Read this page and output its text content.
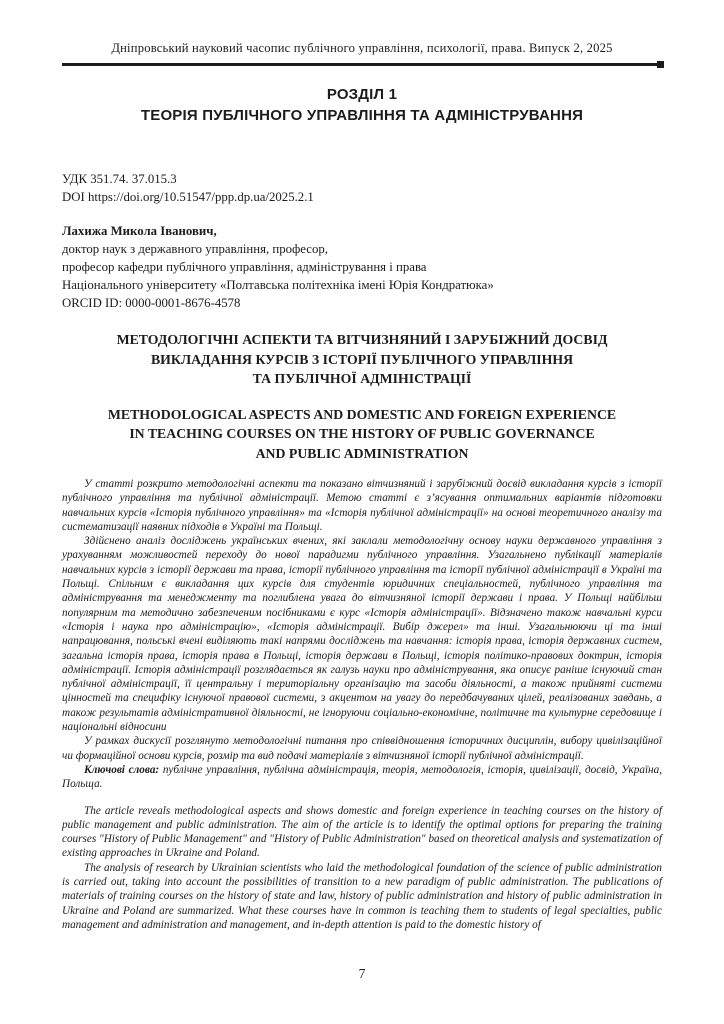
Дніпровський науковий часопис публічного управління, психології, права. Випуск 2, 2025
РОЗДІЛ 1
ТЕОРІЯ ПУБЛІЧНОГО УПРАВЛІННЯ ТА АДМІНІСТРУВАННЯ
УДК 351.74. 37.015.3
DOI https://doi.org/10.51547/ppp.dp.ua/2025.2.1
Лахижа Микола Іванович,
доктор наук з державного управління, професор,
професор кафедри публічного управління, адміністрування і права
Національного університету «Полтавська політехніка імені Юрія Кондратюка»
ORCID ID: 0000-0001-8676-4578
МЕТОДОЛОГІЧНІ АСПЕКТИ ТА ВІТЧИЗНЯНИЙ І ЗАРУБІЖНИЙ ДОСВІД
ВИКЛАДАННЯ КУРСІВ З ІСТОРІЇ ПУБЛІЧНОГО УПРАВЛІННЯ
ТА ПУБЛІЧНОЇ АДМІНІСТРАЦІЇ
METHODOLOGICAL ASPECTS AND DOMESTIC AND FOREIGN EXPERIENCE
IN TEACHING COURSES ON THE HISTORY OF PUBLIC GOVERNANCE
AND PUBLIC ADMINISTRATION

У статті розкрито методологічні аспекти та показано вітчизняний і зарубіжний досвід викладання курсів з історії публічного управління та публічної адміністрації. Метою статті є з’ясування оптимальних варіантів підготовки навчальних курсів «Історія публічного управління» та «Історія публічної адміністрації» на основі теоретичного аналізу та систематизації наявних підходів в Україні та Польщі.

Здійснено аналіз досліджень українських вчених, які заклали методологічну основу науки державного управління з урахуванням можливостей переходу до нової парадигми публічного управління. Узагальнено публікації матеріалів навчальних курсів з історії держави та права, історії публічного управління та історії публічної адміністрації в Україні та Польщі. Спільним є викладання цих курсів для студентів юридичних спеціальностей, публічного управління та адміністрування та менеджменту та поглиблена увага до вітчизняної історії держави і права. У Польщі найбільш популярним та методично забезпеченим посібниками є курс «Історія адміністрації». Відзначено також навчальні курси «Історія і наука про адміністрацію», «Історія адміністрації. Вибір джерел» та інші. Узагальнюючи ці та інші напрацювання, польські вчені виділяють такі напрями досліджень та навчання: історія права, історія державних систем, загальна історія права, історія права в Польщі, історія держави в Польщі, історія політико-правових доктрин, історія адміністрації. Історія адміністрації розглядається як галузь науки про адміністрування, яка описує раніше існуючий стан публічної адміністрації, її центральну і територіальну організацію та засоби діяльності, а також прийняті системи цінностей та специфіку існуючої правової системи, з акцентом на увагу до передбачуваних цілей, реалізованих завдань, а також результатів адміністративної діяльності, не ігноруючи соціально-економічне, політичне та культурне середовище і національні відносини

У рамках дискусії розглянуто методологічні питання про співвідношення історичних дисциплін, вибору цивілізаційної чи формаційної основи курсів, розмір та вид подачі матеріалів з вітчизняної історії публічної адміністрації.

Ключові слова: публічне управління, публічна адміністрація, теорія, методологія, історія, цивілізації, досвід, Україна, Польща.

The article reveals methodological aspects and shows domestic and foreign experience in teaching courses on the history of public management and public administration. The aim of the article is to identify the optimal options for preparing the training courses "History of Public Management" and "History of Public Administration" based on theoretical analysis and systematization of existing approaches in Ukraine and Poland.

The analysis of research by Ukrainian scientists who laid the methodological foundation of the science of public administration is carried out, taking into account the possibilities of transition to a new paradigm of public administration. The publications of materials of training courses on the history of state and law, history of public administration and history of public administration in Ukraine and Poland are summarized. What these courses have in common is teaching them to students of legal specialties, public management and administration and management, and in-depth attention is paid to the domestic history of

7
